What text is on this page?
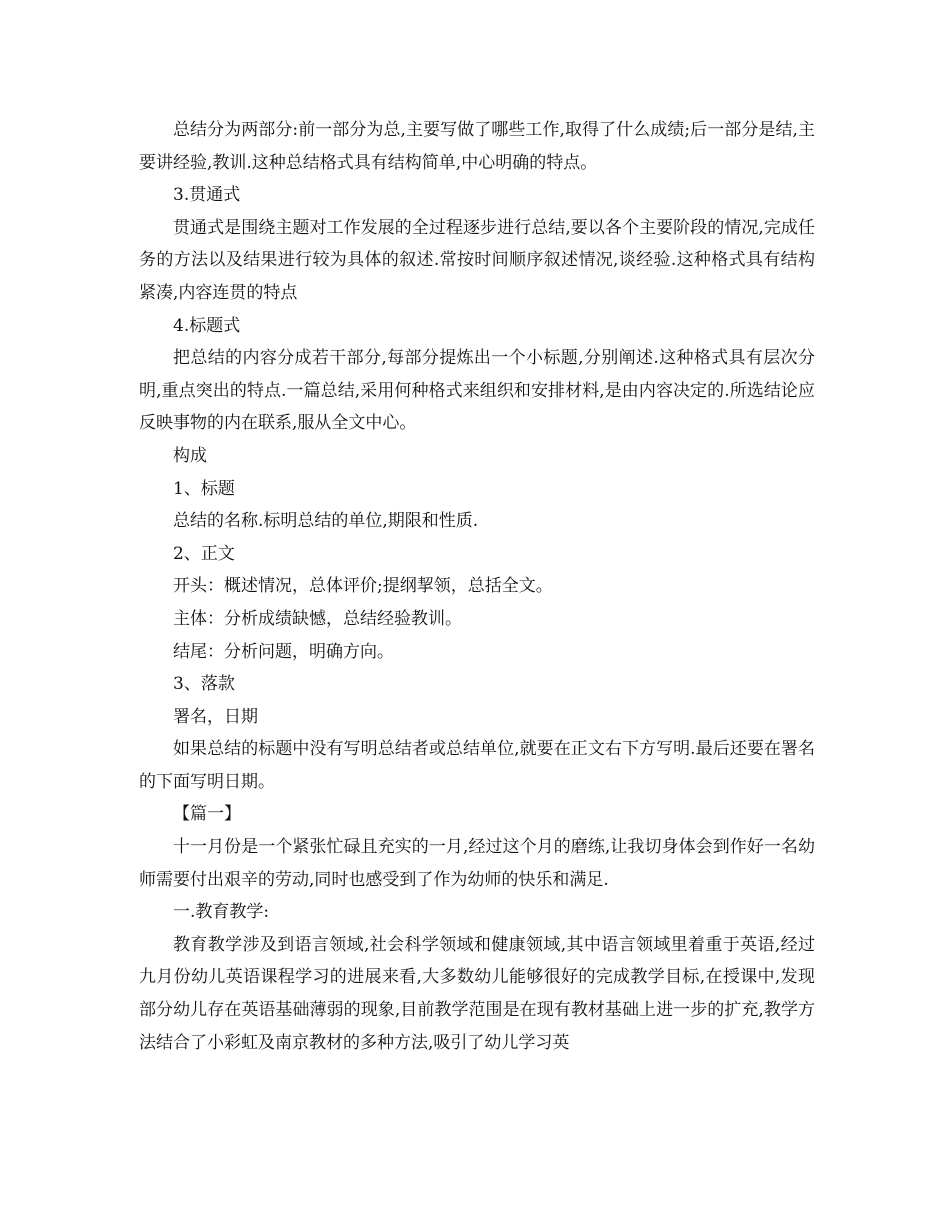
总结分为两部分:前一部分为总,主要写做了哪些工作,取得了什么成绩;后一部分是结,主要讲经验,教训.这种总结格式具有结构简单,中心明确的特点。
3.贯通式
贯通式是围绕主题对工作发展的全过程逐步进行总结,要以各个主要阶段的情况,完成任务的方法以及结果进行较为具体的叙述.常按时间顺序叙述情况,谈经验.这种格式具有结构紧凑,内容连贯的特点
4.标题式
把总结的内容分成若干部分,每部分提炼出一个小标题,分别阐述.这种格式具有层次分明,重点突出的特点.一篇总结,采用何种格式来组织和安排材料,是由内容决定的.所选结论应反映事物的内在联系,服从全文中心。
构成
1、标题
总结的名称.标明总结的单位,期限和性质.
2、正文
开头：概述情况，总体评价;提纲挈领，总括全文。
主体：分析成绩缺憾，总结经验教训。
结尾：分析问题，明确方向。
3、落款
署名，日期
如果总结的标题中没有写明总结者或总结单位,就要在正文右下方写明.最后还要在署名的下面写明日期。
【篇一】
十一月份是一个紧张忙碌且充实的一月,经过这个月的磨练,让我切身体会到作好一名幼师需要付出艰辛的劳动,同时也感受到了作为幼师的快乐和满足.
一.教育教学:
教育教学涉及到语言领域,社会科学领域和健康领域,其中语言领域里着重于英语,经过九月份幼儿英语课程学习的进展来看,大多数幼儿能够很好的完成教学目标,在授课中,发现部分幼儿存在英语基础薄弱的现象,目前教学范围是在现有教材基础上进一步的扩充,教学方法结合了小彩虹及南京教材的多种方法,吸引了幼儿学习英
